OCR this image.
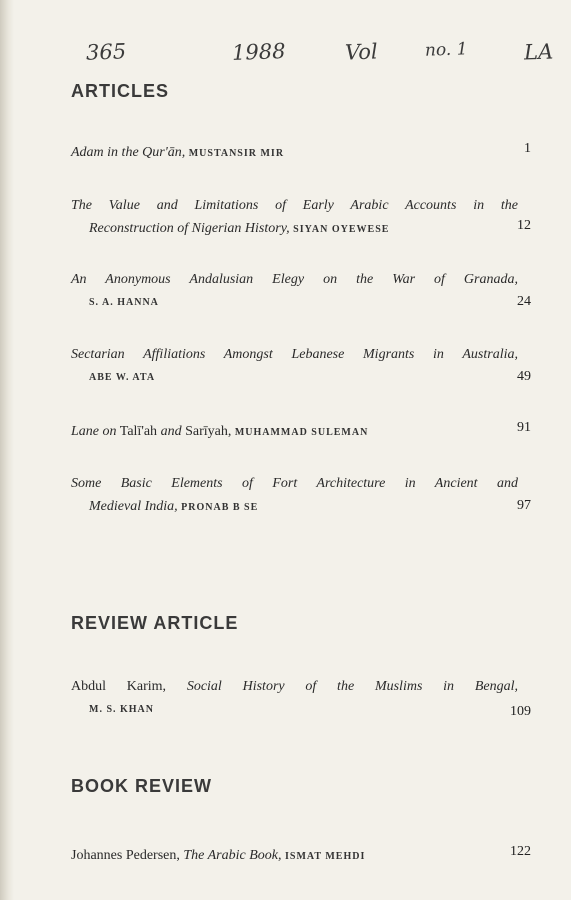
365	1988	Vol	no. 1	LA
ARTICLES
Adam in the Qur'ān, MUSTANSIR MIR	1
The Value and Limitations of Early Arabic Accounts in the
Reconstruction of Nigerian History, SIYAN OYEWESE	12
An Anonymous Andalusian Elegy on the War of Granada,
S. A. HANNA	24
Sectarian Affiliations Amongst Lebanese Migrants in Australia,
ABE W. ATA	49
Lane on Talī'ah and Sarīyah, MUHAMMAD SULEMAN	91
Some Basic Elements of Fort Architecture in Ancient and
Medieval India, PRONAB B SE	97
REVIEW ARTICLE
Abdul Karim, Social History of the Muslims in Bengal,
M. S. KHAN	109
BOOK REVIEW
Johannes Pedersen, The Arabic Book, ISMAT MEHDI	122
